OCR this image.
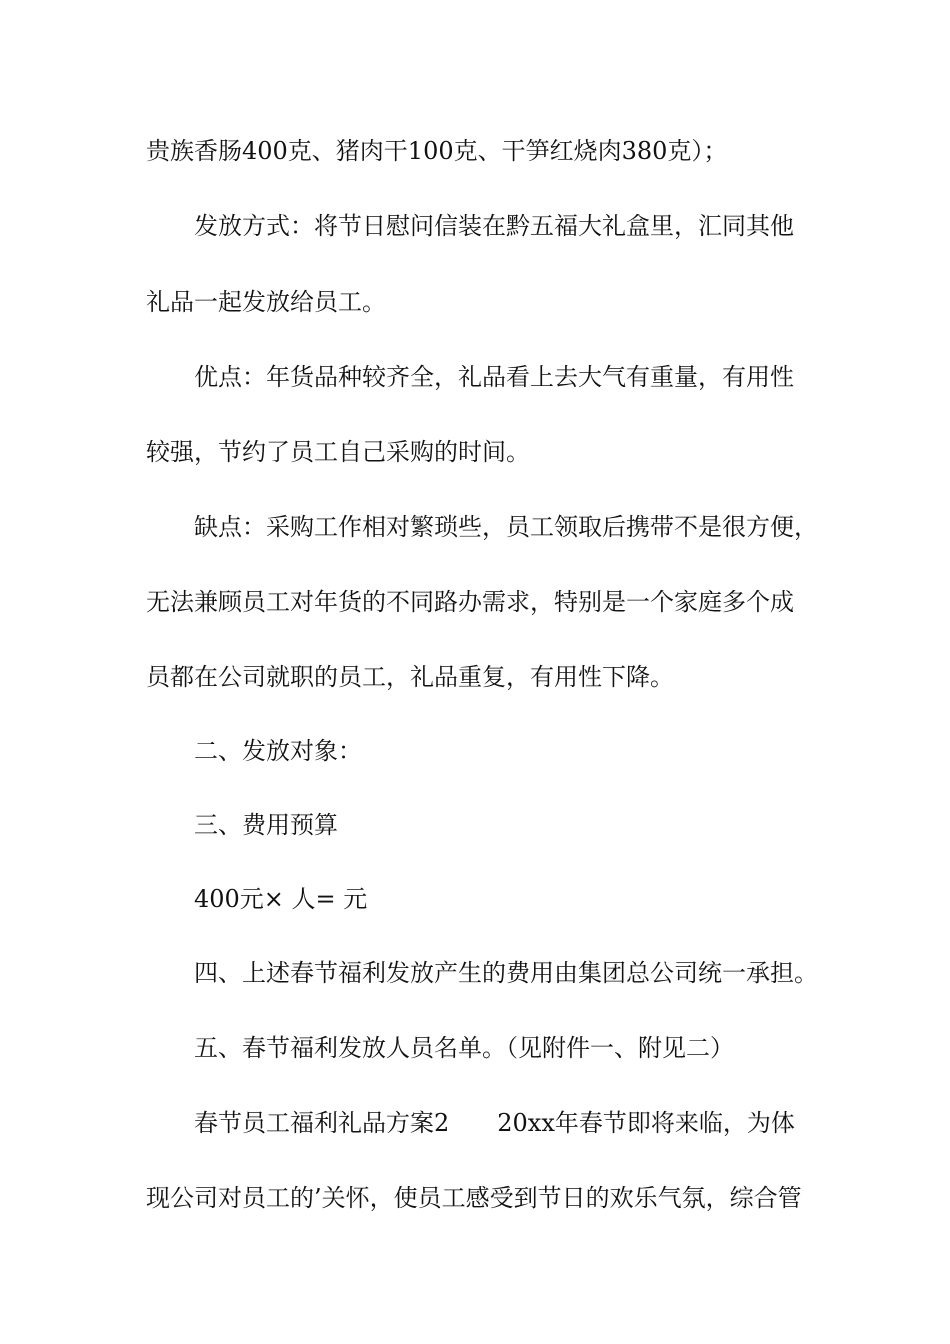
贵族香肠400克、猪肉干100克、干笋红烧肉380克）；
发放方式：将节日慰问信装在黔五福大礼盒里，汇同其他
礼品一起发放给员工。
优点：年货品种较齐全，礼品看上去大气有重量，有用性
较强，节约了员工自己采购的时间。
缺点：采购工作相对繁琐些，员工领取后携带不是很方便，
无法兼顾员工对年货的不同路办需求，特别是一个家庭多个成
员都在公司就职的员工，礼品重复，有用性下降。
二、发放对象：
三、费用预算
400元× 人= 元
四、上述春节福利发放产生的费用由集团总公司统一承担。
五、春节福利发放人员名单。（见附件一、附见二）
春节员工福利礼品方案2　　20xx年春节即将来临，为体
现公司对员工的’关怀，使员工感受到节日的欢乐气氛，综合管
